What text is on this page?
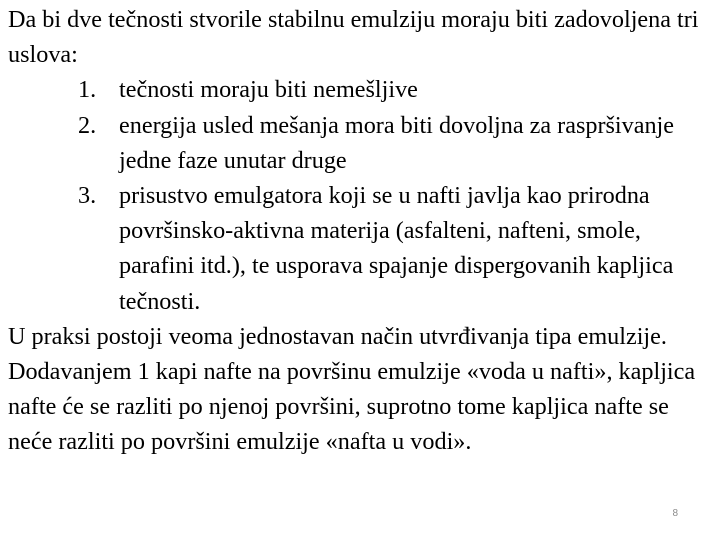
Da bi dve tečnosti stvorile stabilnu emulziju moraju biti zadovoljena tri uslova:

1. tečnosti moraju biti nemešljive
2. energija usled mešanja mora biti dovoljna za raspršivanje jedne faze unutar druge
3. prisustvo emulgatora koji se u nafti javlja kao prirodna površinsko-aktivna materija (asfalteni, nafteni, smole, parafini itd.), te usporava spajanje dispergovanih kapljica tečnosti.

U praksi postoji veoma jednostavan način utvrđivanja tipa emulzije. Dodavanjem 1 kapi nafte na površinu emulzije «voda u nafti», kapljica nafte će se razliti po njenoj površini, suprotno tome kapljica nafte se neće razliti po površini emulzije «nafta u vodi».

8
